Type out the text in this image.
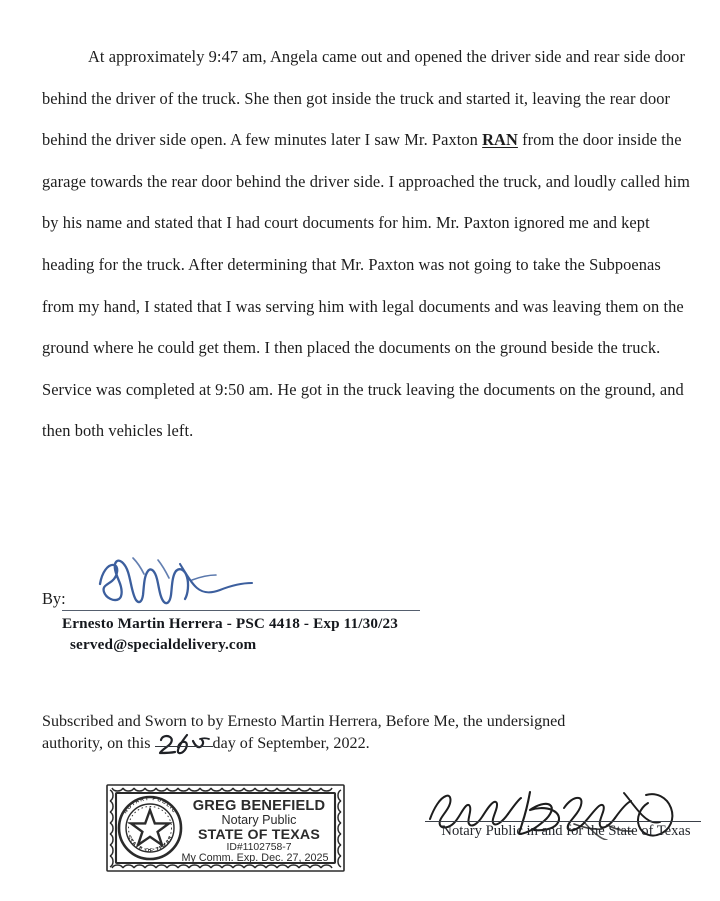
At approximately 9:47 am, Angela came out and opened the driver side and rear side door behind the driver of the truck. She then got inside the truck and started it, leaving the rear door behind the driver side open. A few minutes later I saw Mr. Paxton RAN from the door inside the garage towards the rear door behind the driver side. I approached the truck, and loudly called him by his name and stated that I had court documents for him. Mr. Paxton ignored me and kept heading for the truck. After determining that Mr. Paxton was not going to take the Subpoenas from my hand, I stated that I was serving him with legal documents and was leaving them on the ground where he could get them. I then placed the documents on the ground beside the truck. Service was completed at 9:50 am. He got in the truck leaving the documents on the ground, and then both vehicles left.

By:
Ernesto Martin Herrera - PSC 4418 - Exp 11/30/23
served@specialdelivery.com
Subscribed and Sworn to by Ernesto Martin Herrera, Before Me, the undersigned
authority, on this	day of September, 2022.
NOTARY PUBLIC
STATE OF TEXAS
GREG BENEFIELD
Notary Public
STATE OF TEXAS
ID#1102758-7
My Comm. Exp. Dec. 27, 2025
Notary Public in and for the State of Texas
